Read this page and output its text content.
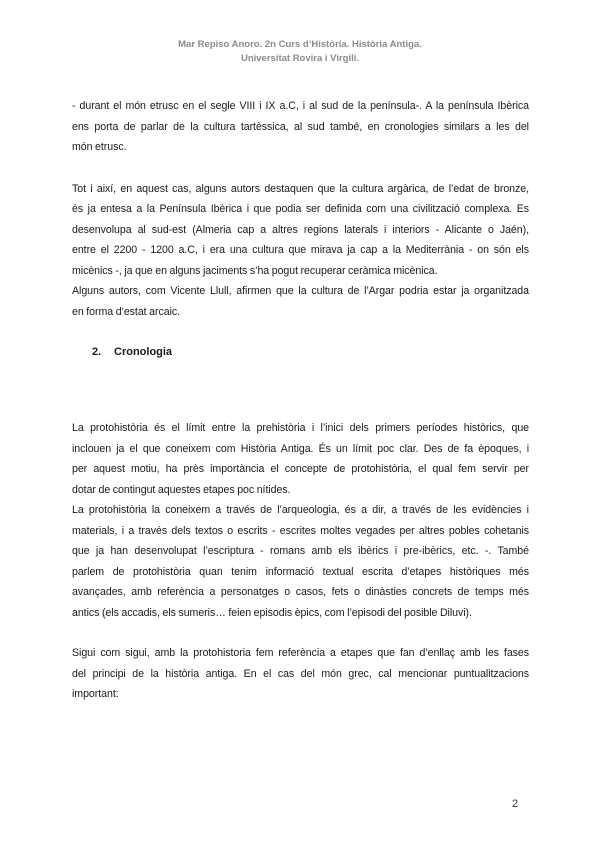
Mar Repiso Anoro. 2n Curs d’Història. Història Antiga.
Universitat Rovira i Virgili.

- durant el món etrusc en el segle VIII i IX a.C, i al sud de la península-. A la península Ibèrica
ens porta de parlar de la cultura tartèssica, al sud també, en cronologies similars a les del
món etrusc.

Tot i així, en aquest cas, alguns autors destaquen que la cultura argàrica, de l’edat de bronze,
és ja entesa a la Península Ibèrica i que podia ser definida com una civilització complexa. Es
desenvolupa al sud-est (Almeria cap a altres regions laterals i interiors - Alicante o Jaén),
entre el 2200 - 1200 a.C, i era una cultura que mirava ja cap a la Mediterrània - on són els
micènics -, ja que en alguns jaciments s’ha pogut recuperar ceràmica micènica.

Alguns autors, com Vicente Llull, afirmen que la cultura de l’Argar podria estar ja organitzada
en forma d’estat arcaic.

2. Cronologia

La protohistòria és el límit entre la prehistòria i l’inici dels primers períodes històrics, que
inclouen ja el que coneixem com Història Antiga. És un límit poc clar. Des de fa èpoques, i
per aquest motiu, ha près importància el concepte de protohistòria, el qual fem servir per
dotar de contingut aquestes etapes poc nítides.

La protohistòria la coneixem a través de l’arqueologia, és a dir, a través de les evidències i
materials, i a través dels textos o escrits - escrites moltes vegades per altres pobles cohetanis
que ja han desenvolupat l’escriptura - romans amb els ibèrics i pre-ibèrics, etc. -. També
parlem de protohistòria quan tenim informació textual escrita d’etapes històriques més
avançades, amb referència a personatges o casos, fets o dinàsties concrets de temps més
antics (els accadis, els sumeris… feien episodis èpics, com l’episodi del posible Diluvi).

Sigui com sigui, amb la protohistoria fem referència a etapes que fan d’enllaç amb les fases
del principi de la història antiga. En el cas del món grec, cal mencionar puntualitzacions
important:

2
